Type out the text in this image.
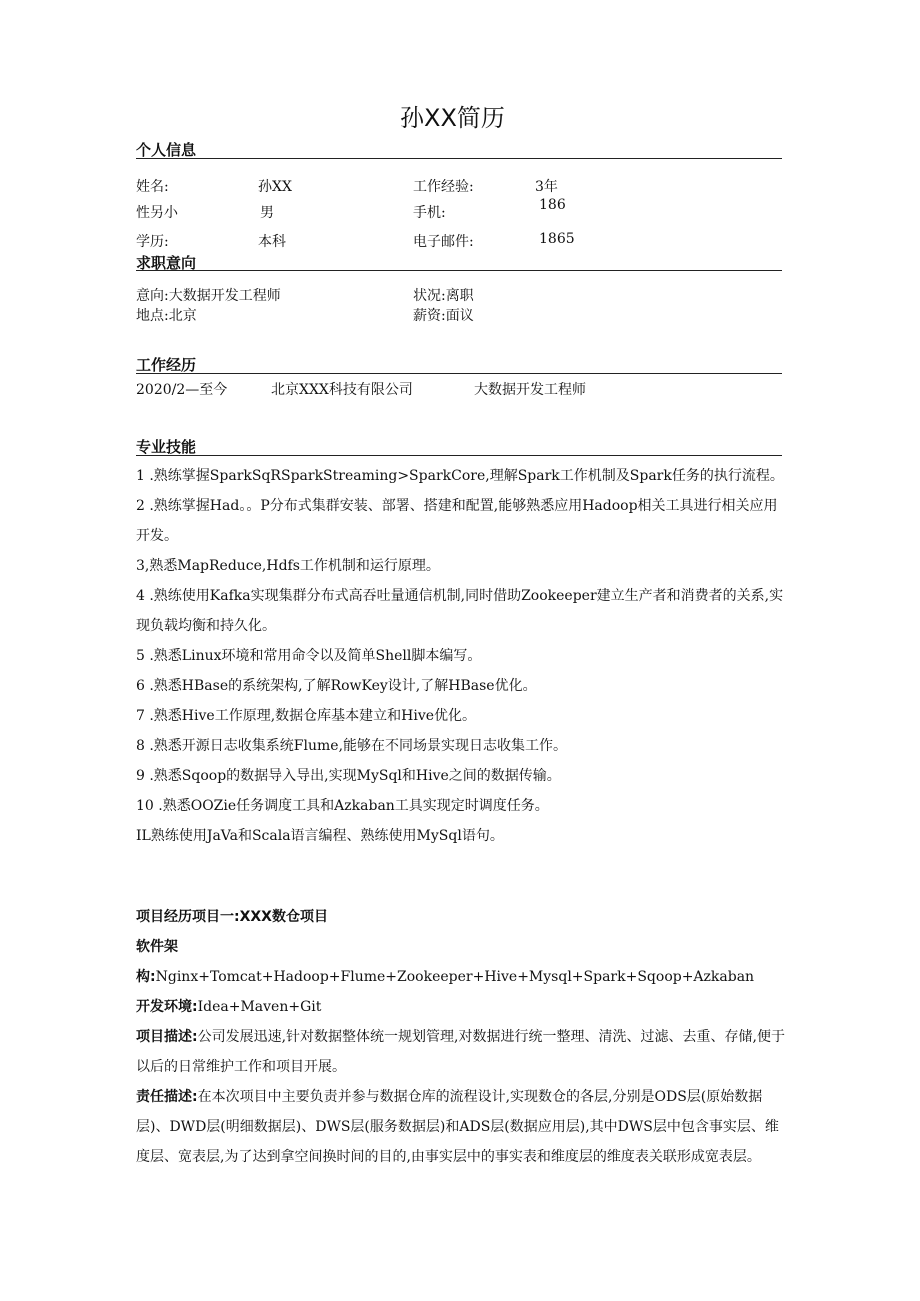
孙XX简历
个人信息
姓名:	孙XX	工作经验:	3年
性另小	男	手机:	186
学历:	本科	电子邮件:	1865
求职意向
意向:大数据开发工程师	状况:离职
地点:北京	薪资:面议
工作经历
2020/2—至今	北京XXX科技有限公司	大数据开发工程师
专业技能
1 .熟练掌握SparkSqRSparkStreaming>SparkCore,理解Spark工作机制及Spark任务的执行流程。
2 .熟练掌握Had。。P分布式集群安装、部署、搭建和配置,能够熟悉应用Hadoop相关工具进行相关应用开发。
3,熟悉MapReduce,Hdfs工作机制和运行原理。
4 .熟练使用Kafka实现集群分布式高吞吐量通信机制,同时借助Zookeeper建立生产者和消费者的关系,实现负载均衡和持久化。
5 .熟悉Linux环境和常用命令以及简单Shell脚本编写。
6 .熟悉HBase的系统架构,了解RowKey设计,了解HBase优化。
7 .熟悉Hive工作原理,数据仓库基本建立和Hive优化。
8 .熟悉开源日志收集系统Flume,能够在不同场景实现日志收集工作。
9 .熟悉Sqoop的数据导入导出,实现MySql和Hive之间的数据传输。
10 .熟悉OOZie任务调度工具和Azkaban工具实现定时调度任务。
IL熟练使用JaVa和Scala语言编程、熟练使用MySql语句。
项目经历项目一:XXX数仓项目
软件架构:Nginx+Tomcat+Hadoop+Flume+Zookeeper+Hive+Mysql+Spark+Sqoop+Azkaban
开发环境:Idea+Maven+Git
项目描述:公司发展迅速,针对数据整体统一规划管理,对数据进行统一整理、清洗、过滤、去重、存储,便于以后的日常维护工作和项目开展。
责任描述:在本次项目中主要负责并参与数据仓库的流程设计,实现数仓的各层,分别是ODS层(原始数据层)、DWD层(明细数据层)、DWS层(服务数据层)和ADS层(数据应用层),其中DWS层中包含事实层、维度层、宽表层,为了达到拿空间换时间的目的,由事实层中的事实表和维度层的维度表关联形成宽表层。
